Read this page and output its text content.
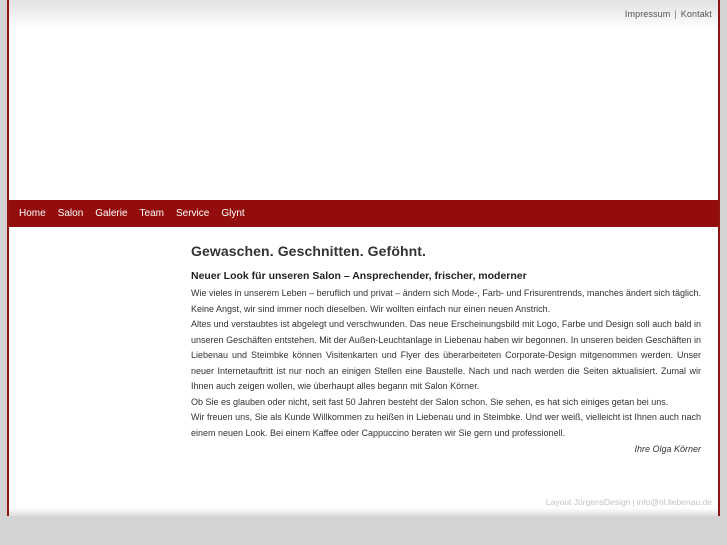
Impressum | Kontakt
Home	Salon	Galerie	Team	Service	Glynt
Gewaschen. Geschnitten. Geföhnt.
Neuer Look für unseren Salon – Ansprechender, frischer, moderner

Wie vieles in unserem Leben – beruflich und privat – ändern sich Mode-, Farb- und Frisurentrends, manches ändert sich täglich. Keine Angst, wir sind immer noch dieselben. Wir wollten einfach nur einen neuen Anstrich.

Altes und verstaubtes ist abgelegt und verschwunden. Das neue Erscheinungsbild mit Logo, Farbe und Design soll auch bald in unseren Geschäften entstehen. Mit der Außen-Leuchtanlage in Liebenau haben wir begonnen. In unseren beiden Geschäften in Liebenau und Steimbke können Visitenkarten und Flyer des überarbeiteten Corporate-Design mitgenommen werden. Unser neuer Internetauftritt ist nur noch an einigen Stellen eine Baustelle. Nach und nach werden die Seiten aktualisiert. Zumal wir Ihnen auch zeigen wollen, wie überhaupt alles begann mit Salon Körner.

Ob Sie es glauben oder nicht, seit fast 50 Jahren besteht der Salon schon. Sie sehen, es hat sich einiges getan bei uns.

Wir freuen uns, Sie als Kunde Willkommen zu heißen in Liebenau und in Steimbke. Und wer weiß, vielleicht ist Ihnen auch nach einem neuen Look. Bei einem Kaffee oder Cappuccino beraten wir Sie gern und professionell.

Ihre Olga Körner
Layout JürgensDesign | info@nl.liebenau.de
